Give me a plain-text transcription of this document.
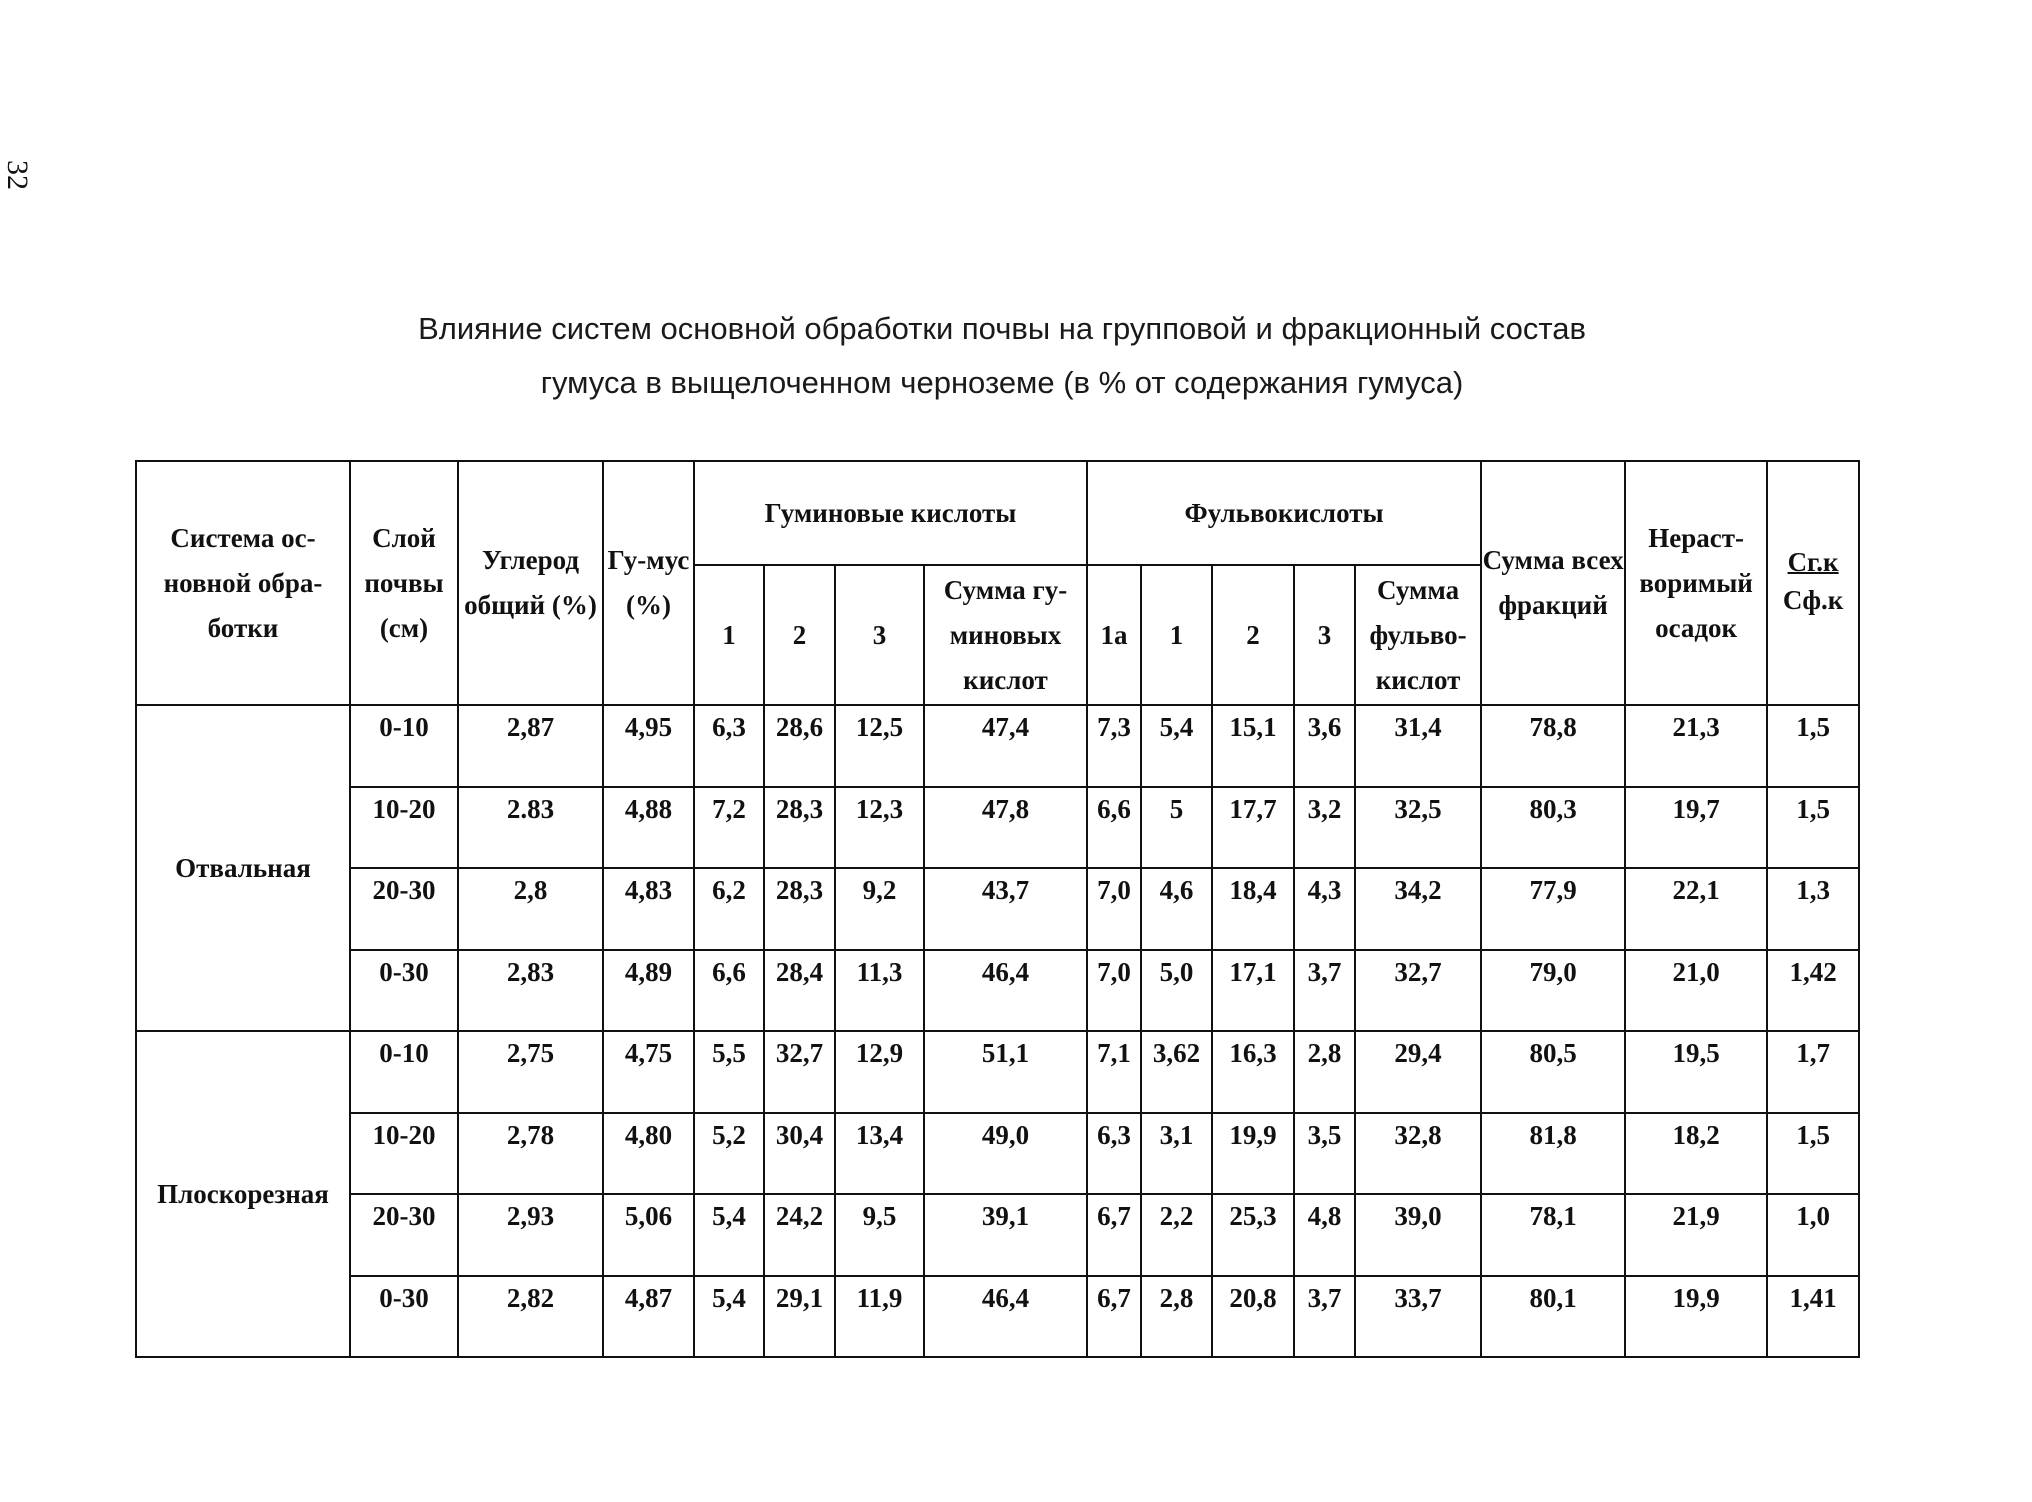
32
Влияние систем основной обработки почвы на групповой и фракционный состав
гумуса в выщелоченном черноземе (в % от содержания гумуса)
Система ос-новной обра-ботки	Слой почвы (см)	Углерод общий (%)	Гу-мус (%)	Гуминовые кислоты				Фульвокислоты					Сумма всех фракций	Нераст-воримый осадок	$\frac{Сг.к}{Сф.к}$

				1	2	3	Сумма гу-миновых кислот	1а	1	2	3	Сумма фульво-кислот			
Отвальная	0-10	2,87	4,95	6,3	28,6	12,5	47,4	7,3	5,4	15,1	3,6	31,4	78,8	21,3	1,5
	10-20	2.83	4,88	7,2	28,3	12,3	47,8	6,6	5	17,7	3,2	32,5	80,3	19,7	1,5
	20-30	2,8	4,83	6,2	28,3	9,2	43,7	7,0	4,6	18,4	4,3	34,2	77,9	22,1	1,3
	0-30	2,83	4,89	6,6	28,4	11,3	46,4	7,0	5,0	17,1	3,7	32,7	79,0	21,0	1,42
Плоскорезная	0-10	2,75	4,75	5,5	32,7	12,9	51,1	7,1	3,62	16,3	2,8	29,4	80,5	19,5	1,7
	10-20	2,78	4,80	5,2	30,4	13,4	49,0	6,3	3,1	19,9	3,5	32,8	81,8	18,2	1,5
	20-30	2,93	5,06	5,4	24,2	9,5	39,1	6,7	2,2	25,3	4,8	39,0	78,1	21,9	1,0
	0-30	2,82	4,87	5,4	29,1	11,9	46,4	6,7	2,8	20,8	3,7	33,7	80,1	19,9	1,41
